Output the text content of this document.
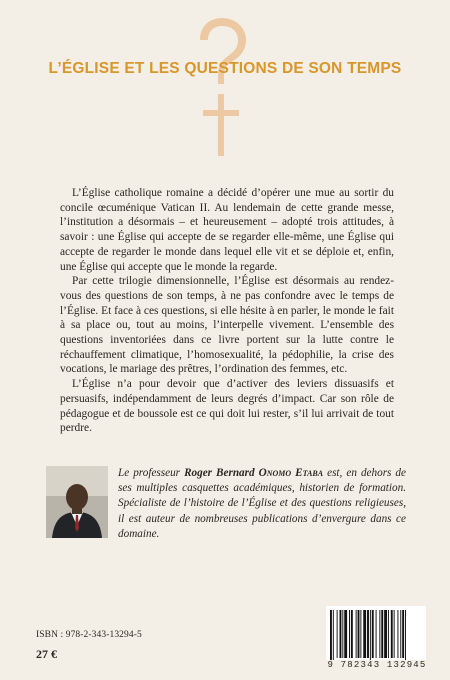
L’ÉGLISE ET LES QUESTIONS DE SON TEMPS

L’Église catholique romaine a décidé d’opérer une mue au sortir du concile œcuménique Vatican II. Au lendemain de cette grande messe, l’institution a désormais – et heureusement – adopté trois attitudes, à savoir : une Église qui accepte de se regarder elle-même, une Église qui accepte de regarder le monde dans lequel elle vit et se déploie et, enfin, une Église qui accepte que le monde la regarde.

Par cette trilogie dimensionnelle, l’Église est désormais au rendez-vous des questions de son temps, à ne pas confondre avec le temps de l’Église. Et face à ces questions, si elle hésite à en parler, le monde le fait à sa place ou, tout au moins, l’interpelle vivement. L’ensemble des questions inventoriées dans ce livre portent sur la lutte contre le réchauffement climatique, l’homosexualité, la pédophilie, la crise des vocations, le mariage des prêtres, l’ordination des femmes, etc.

L’Église n’a pour devoir que d’activer des leviers dissuasifs et persuasifs, indépendamment de leurs degrés d’impact. Car son rôle de pédagogue et de boussole est ce qui doit lui rester, s’il lui arrivait de tout perdre.

Le professeur Roger Bernard Onomo Etaba est, en dehors de ses multiples casquettes académiques, historien de formation. Spécialiste de l’histoire de l’Église et des questions religieuses, il est auteur de nombreuses publications d’envergure dans ce domaine.

ISBN : 978-2-343-13294-5
27 €
9 782343 132945
